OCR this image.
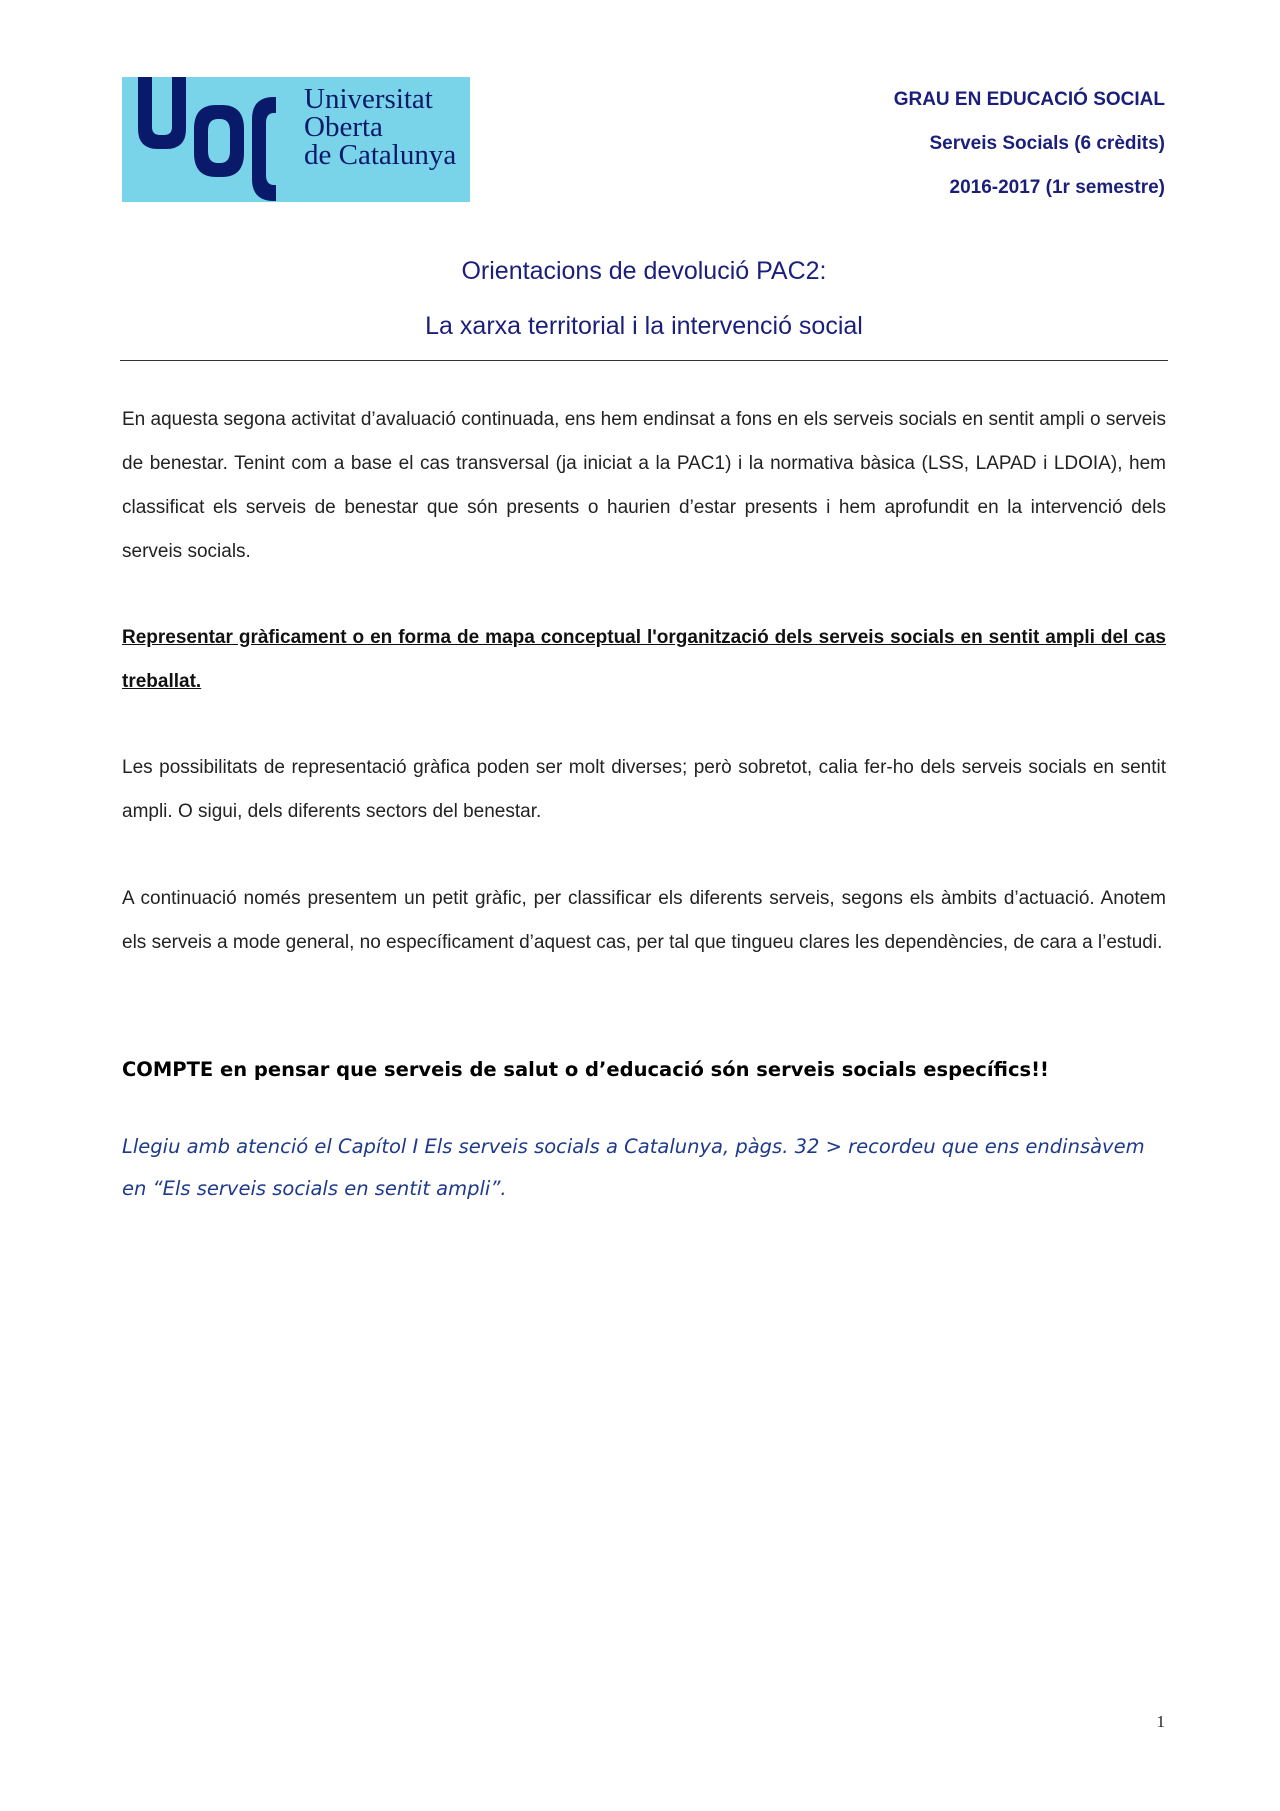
Universitat
Oberta
de Catalunya
GRAU EN EDUCACIÓ SOCIAL
Serveis Socials (6 crèdits)
2016-2017 (1r semestre)
Orientacions de devolució PAC2:
La xarxa territorial i la intervenció social
En aquesta segona activitat d’avaluació continuada, ens hem endinsat a fons en els serveis socials en sentit ampli o serveis de benestar. Tenint com a base el cas transversal (ja iniciat a la PAC1) i la normativa bàsica (LSS, LAPAD i LDOIA), hem classificat els serveis de benestar que són presents o haurien d’estar presents i hem aprofundit en la intervenció dels serveis socials.
Representar gràficament o en forma de mapa conceptual l'organització dels serveis socials en sentit ampli del cas treballat.
Les possibilitats de representació gràfica poden ser molt diverses; però sobretot, calia fer-ho dels serveis socials en sentit ampli. O sigui, dels diferents sectors del benestar.
A continuació només presentem un petit gràfic, per classificar els diferents serveis, segons els àmbits d’actuació. Anotem els serveis a mode general, no específicament d’aquest cas, per tal que tingueu clares les dependències, de cara a l’estudi.
COMPTE en pensar que serveis de salut o d’educació són serveis socials específics!!
Llegiu amb atenció el Capítol I Els serveis socials a Catalunya, pàgs. 32 > recordeu que ens endinsàvem en “Els serveis socials en sentit ampli”.
1
